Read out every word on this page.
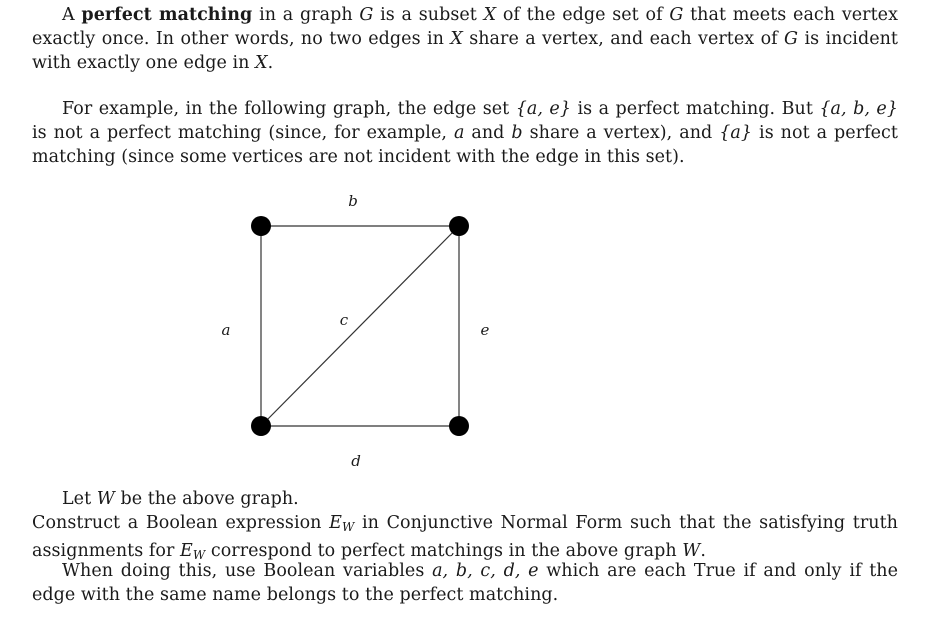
A perfect matching in a graph G is a subset X of the edge set of G that meets each vertex exactly once. In other words, no two edges in X share a vertex, and each vertex of G is incident with exactly one edge in X.

For example, in the following graph, the edge set {a, e} is a perfect matching. But {a, b, e} is not a perfect matching (since, for example, a and b share a vertex), and {a} is not a perfect matching (since some vertices are not incident with the edge in this set).

b
a
c
e
d

Let W be the above graph.

Construct a Boolean expression $E_W$ in Conjunctive Normal Form such that the satisfying truth assignments for $E_W$ correspond to perfect matchings in the above graph W.

When doing this, use Boolean variables a, b, c, d, e which are each True if and only if the edge with the same name belongs to the perfect matching.
